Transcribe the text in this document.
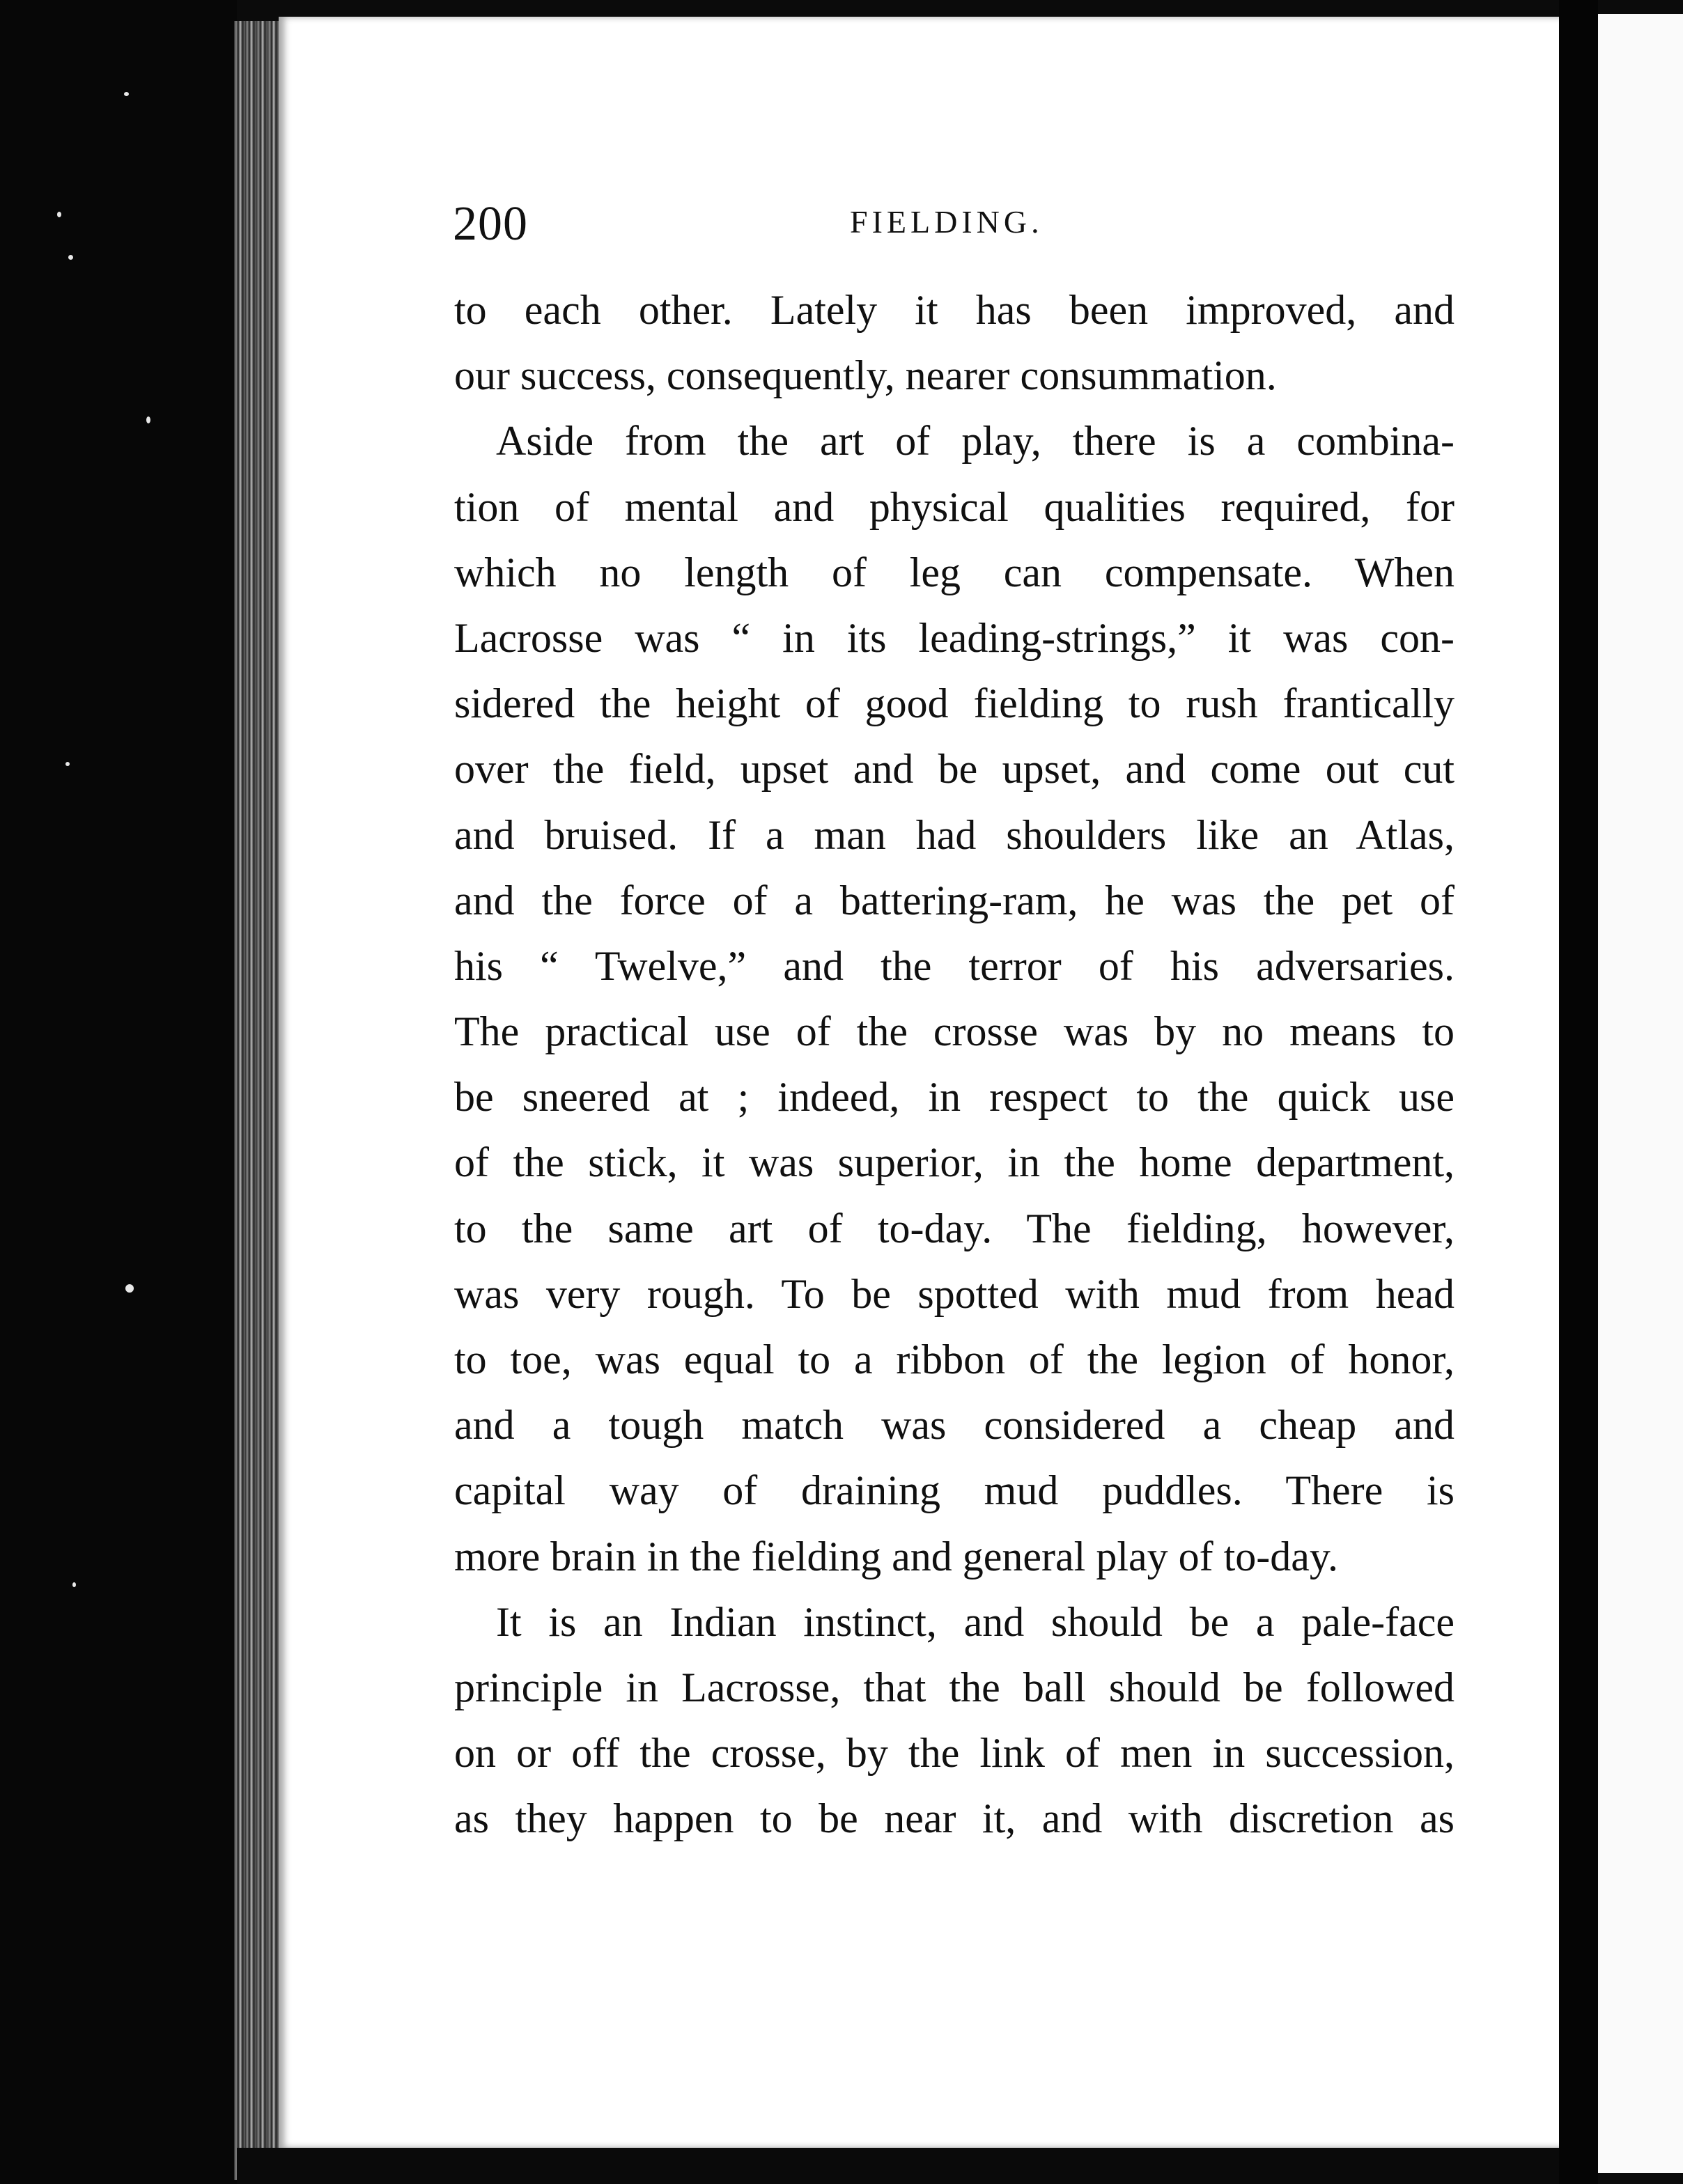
200	FIELDING.
to each other. Lately it has been improved, and
our success, consequently, nearer consummation.
Aside from the art of play, there is a combina-
tion of mental and physical qualities required, for
which no length of leg can compensate. When
Lacrosse was “ in its leading-strings,” it was con-
sidered the height of good fielding to rush frantically
over the field, upset and be upset, and come out cut
and bruised. If a man had shoulders like an Atlas,
and the force of a battering-ram, he was the pet of
his “ Twelve,” and the terror of his adversaries.
The practical use of the crosse was by no means to
be sneered at ; indeed, in respect to the quick use
of the stick, it was superior, in the home department,
to the same art of to-day. The fielding, however,
was very rough. To be spotted with mud from head
to toe, was equal to a ribbon of the legion of honor,
and a tough match was considered a cheap and
capital way of draining mud puddles. There is
more brain in the fielding and general play of to-day.
It is an Indian instinct, and should be a pale-face
principle in Lacrosse, that the ball should be followed
on or off the crosse, by the link of men in succession,
as they happen to be near it, and with discretion as
